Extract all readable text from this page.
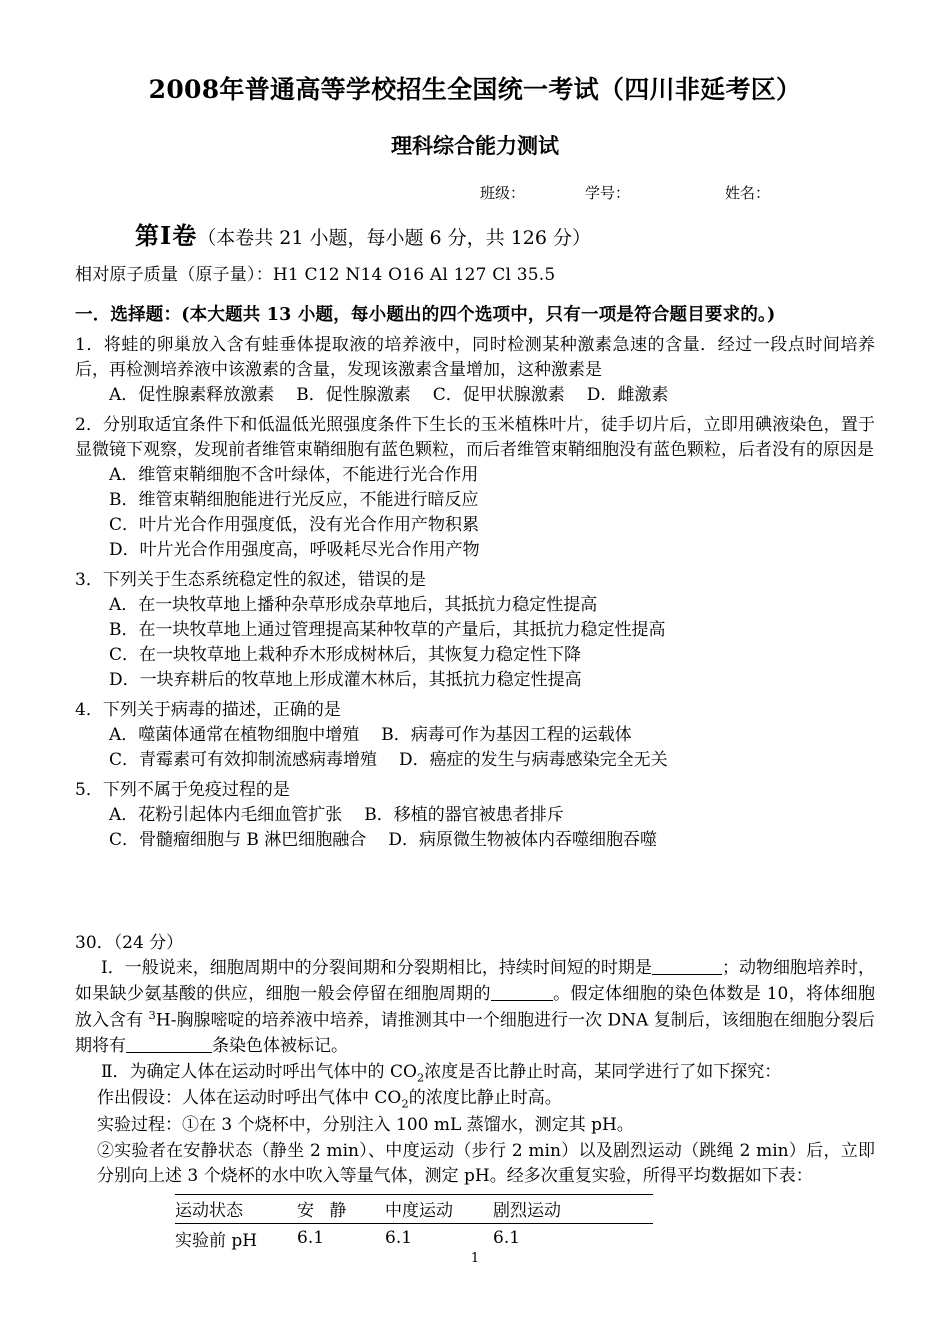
2008年普通高等学校招生全国统一考试（四川非延考区）
理科综合能力测试
班级：	学号：	姓名：
第Ⅰ卷（本卷共 21 小题，每小题 6 分，共 126 分）

相对原子质量（原子量）：H1 C12 N14 O16 Al 127 Cl 35.5

一．选择题：(本大题共 13 小题，每小题出的四个选项中，只有一项是符合题目要求的。)

1．将蛙的卵巢放入含有蛙垂体提取液的培养液中，同时检测某种激素急速的含量．经过一段点时间培养后，再检测培养液中该激素的含量，发现该激素含量增加，这种激素是

A．促性腺素释放激素 B．促性腺激素 C．促甲状腺激素 D．雌激素

2．分别取适宜条件下和低温低光照强度条件下生长的玉米植株叶片，徒手切片后，立即用碘液染色，置于显微镜下观察，发现前者维管束鞘细胞有蓝色颗粒，而后者维管束鞘细胞没有蓝色颗粒，后者没有的原因是

A．维管束鞘细胞不含叶绿体，不能进行光合作用
B．维管束鞘细胞能进行光反应，不能进行暗反应
C．叶片光合作用强度低，没有光合作用产物积累
D．叶片光合作用强度高，呼吸耗尽光合作用产物

3．下列关于生态系统稳定性的叙述，错误的是

A．在一块牧草地上播种杂草形成杂草地后，其抵抗力稳定性提高
B．在一块牧草地上通过管理提高某种牧草的产量后，其抵抗力稳定性提高
C．在一块牧草地上栽种乔木形成树林后，其恢复力稳定性下降
D．一块弃耕后的牧草地上形成灌木林后，其抵抗力稳定性提高

4．下列关于病毒的描述，正确的是

A．噬菌体通常在植物细胞中增殖 B．病毒可作为基因工程的运载体
C．青霉素可有效抑制流感病毒增殖 D．癌症的发生与病毒感染完全无关

5．下列不属于免疫过程的是

A．花粉引起体内毛细血管扩张 B．移植的器官被患者排斥
C．骨髓瘤细胞与 B 淋巴细胞融合 D．病原微生物被体内吞噬细胞吞噬

30．（24 分）

Ⅰ．一般说来，细胞周期中的分裂间期和分裂期相比，持续时间短的时期是	；动物细胞培养时，如果缺少氨基酸的供应，细胞一般会停留在细胞周期的	。假定体细胞的染色体数是 10，将体细胞放入含有 $^3$H-胸腺嘧啶的培养液中培养，请推测其中一个细胞进行一次 DNA 复制后，该细胞在细胞分裂后期将有	条染色体被标记。

Ⅱ．为确定人体在运动时呼出气体中的 $CO_2$浓度是否比静止时高，某同学进行了如下探究：

作出假设：人体在运动时呼出气体中 $CO_2$的浓度比静止时高。

实验过程：①在 3 个烧杯中，分别注入 100 mL 蒸馏水，测定其 pH。

②实验者在安静状态（静坐 2 min）、中度运动（步行 2 min）以及剧烈运动（跳绳 2 min）后，立即分别向上述 3 个烧杯的水中吹入等量气体，测定 pH。经多次重复实验，所得平均数据如下表：

运动状态	安 静	中度运动	剧烈运动
实验前 pH	6.1	6.1	6.1
1
